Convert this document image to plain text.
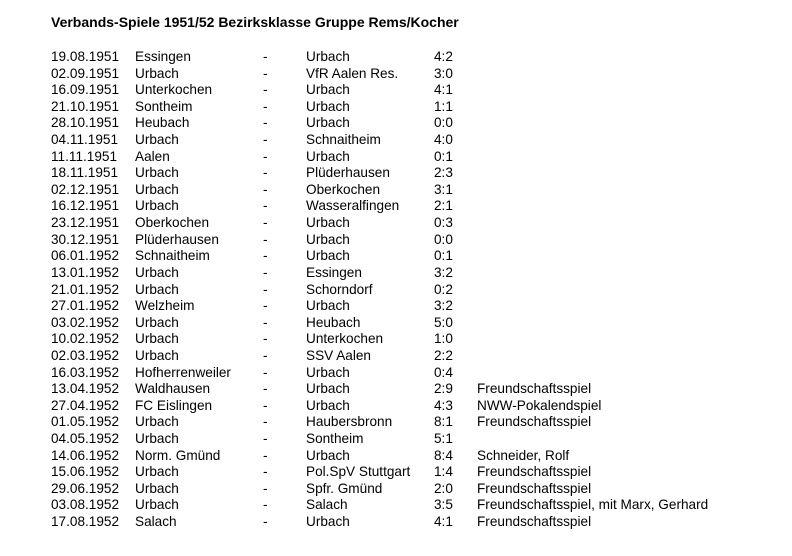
Verbands-Spiele 1951/52 Bezirksklasse Gruppe Rems/Kocher
19.08.1951 Essingen	-	Urbach	4:2
02.09.1951 Urbach	-	VfR Aalen Res.	3:0
16.09.1951 Unterkochen	-	Urbach	4:1
21.10.1951 Sontheim	-	Urbach	1:1
28.10.1951 Heubach	-	Urbach	0:0
04.11.1951 Urbach	-	Schnaitheim	4:0
11.11.1951 Aalen	-	Urbach	0:1
18.11.1951 Urbach	-	Plüderhausen	2:3
02.12.1951 Urbach	-	Oberkochen	3:1
16.12.1951 Urbach	-	Wasseralfingen	2:1
23.12.1951 Oberkochen	-	Urbach	0:3
30.12.1951 Plüderhausen	-	Urbach	0:0
06.01.1952 Schnaitheim	-	Urbach	0:1
13.01.1952 Urbach	-	Essingen	3:2
21.01.1952 Urbach	-	Schorndorf	0:2
27.01.1952 Welzheim	-	Urbach	3:2
03.02.1952 Urbach	-	Heubach	5:0
10.02.1952 Urbach	-	Unterkochen	1:0
02.03.1952 Urbach	-	SSV Aalen	2:2
16.03.1952 Hofherrenweiler -	Urbach	0:4
13.04.1952 Waldhausen	-	Urbach	2:9 Freundschaftsspiel
27.04.1952 FC Eislingen	-	Urbach	4:3 NWW-Pokalendspiel
01.05.1952 Urbach	-	Haubersbronn	8:1 Freundschaftsspiel
04.05.1952 Urbach	-	Sontheim	5:1
14.06.1952 Norm. Gmünd	-	Urbach	8:4 Schneider, Rolf
15.06.1952 Urbach	-	Pol.SpV Stuttgart 1:4 Freundschaftsspiel
29.06.1952 Urbach	-	Spfr. Gmünd	2:0 Freundschaftsspiel
03.08.1952 Urbach	-	Salach	3:5 Freundschaftsspiel, mit Marx, Gerhard
17.08.1952 Salach	-	Urbach	4:1 Freundschaftsspiel
